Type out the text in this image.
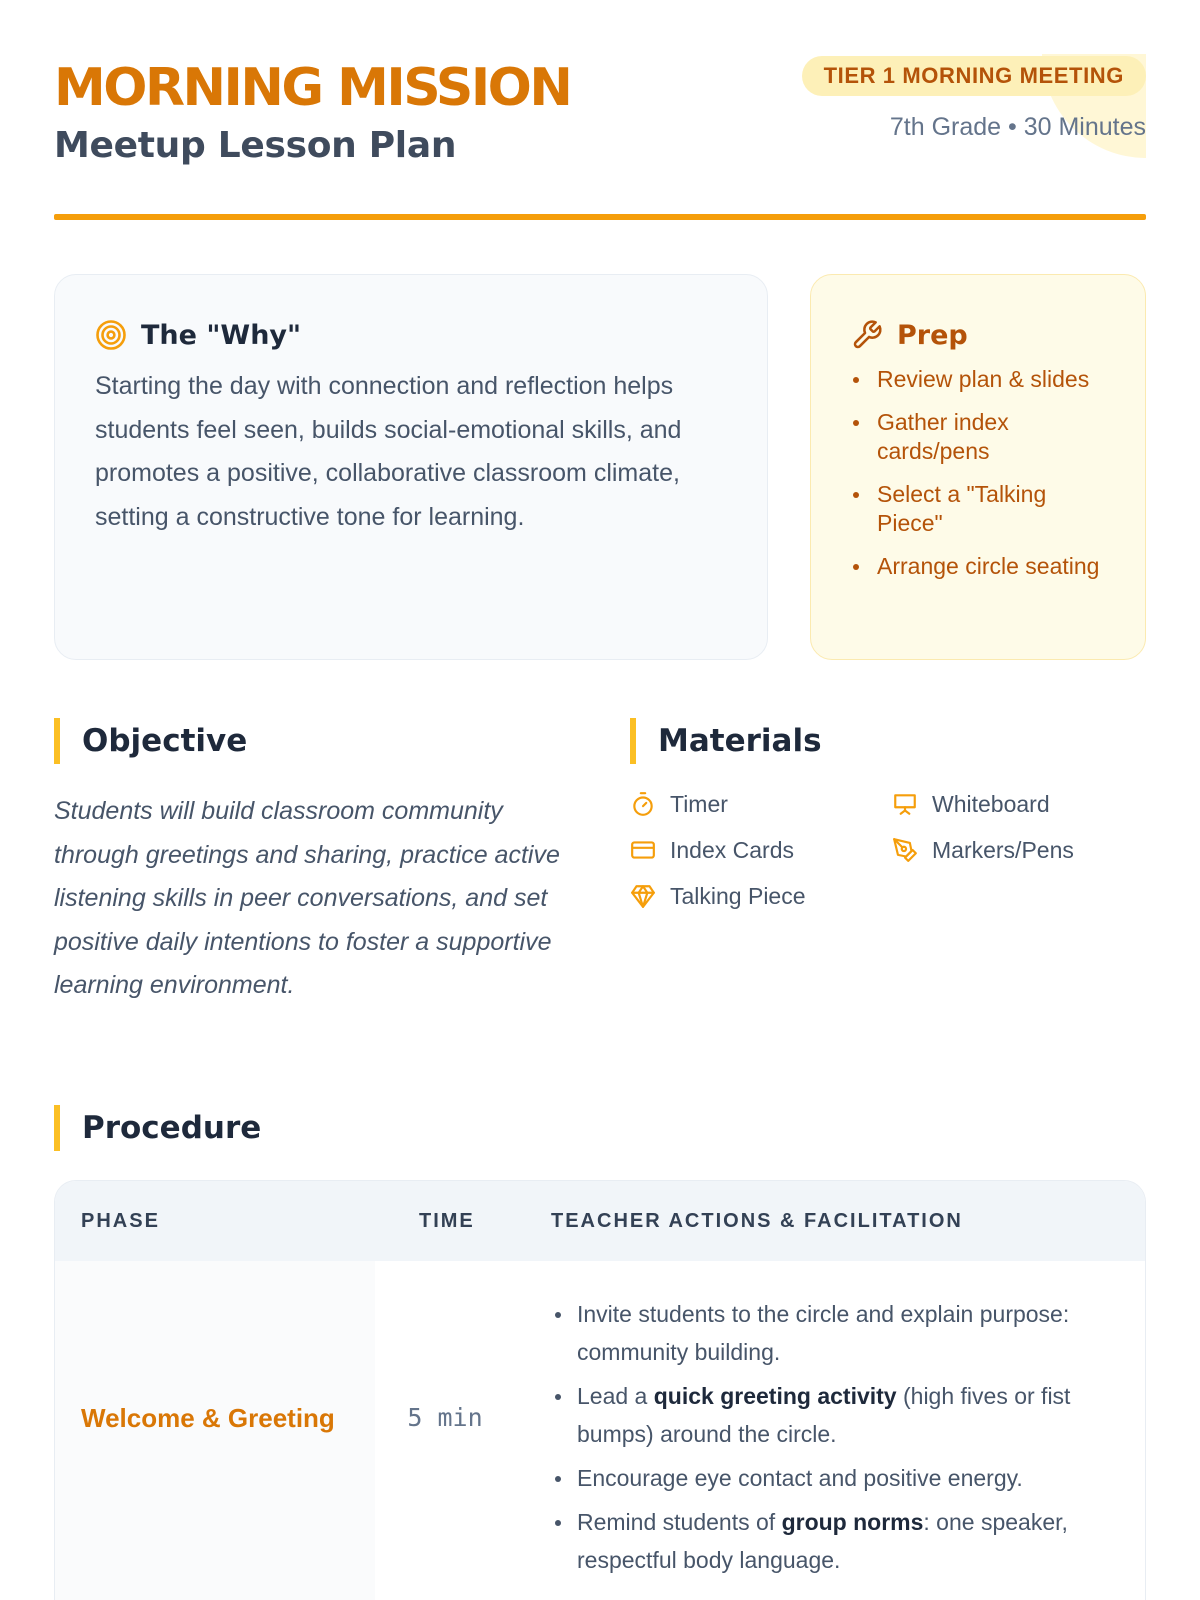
MORNING MISSION
Meetup Lesson Plan
TIER 1 MORNING MEETING
7th Grade • 30 Minutes
The "Why"

Starting the day with connection and reflection helps students feel seen, builds social-emotional skills, and promotes a positive, collaborative classroom climate, setting a constructive tone for learning.

Prep
Review plan & slides
Gather index cards/pens
Select a "Talking Piece"
Arrange circle seating
Objective

Students will build classroom community through greetings and sharing, practice active listening skills in peer conversations, and set positive daily intentions to foster a supportive learning environment.

Materials
Timer	Whiteboard
Index Cards	Markers/Pens
Talking Piece
Procedure
PHASE	TIME	TEACHER ACTIONS & FACILITATION
Welcome & Greeting	5 min
Invite students to the circle and explain purpose: community building.
Lead a quick greeting activity (high fives or fist bumps) around the circle.
Encourage eye contact and positive energy.
Remind students of group norms: one speaker, respectful body language.
